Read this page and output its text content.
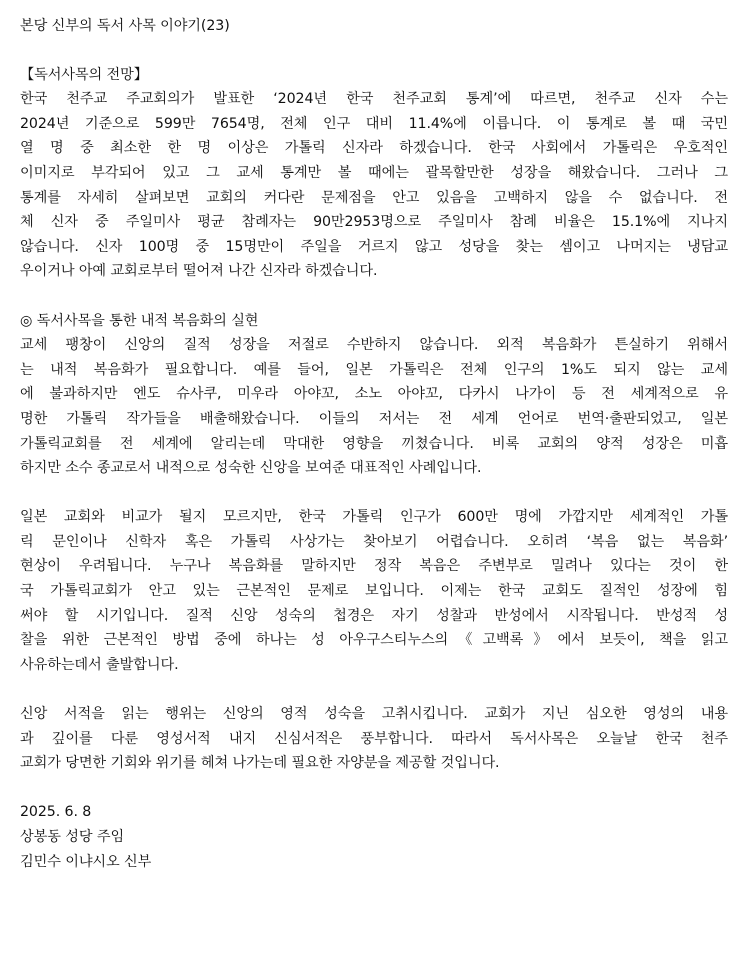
본당 신부의 독서 사목 이야기(23)
【독서사목의 전망】
한국 천주교 주교회의가 발표한 ‘2024년 한국 천주교회 통계’에 따르면, 천주교 신자 수는
2024년 기준으로 599만 7654명, 전체 인구 대비 11.4%에 이릅니다. 이 통계로 볼 때 국민
열 명 중 최소한 한 명 이상은 가톨릭 신자라 하겠습니다. 한국 사회에서 가톨릭은 우호적인
이미지로 부각되어 있고 그 교세 통계만 볼 때에는 괄목할만한 성장을 해왔습니다. 그러나 그
통계를 자세히 살펴보면 교회의 커다란 문제점을 안고 있음을 고백하지 않을 수 없습니다. 전
체 신자 중 주일미사 평균 참례자는 90만2953명으로 주일미사 참례 비율은 15.1%에 지나지
않습니다. 신자 100명 중 15명만이 주일을 거르지 않고 성당을 찾는 셈이고 나머지는 냉담교
우이거나 아예 교회로부터 떨어져 나간 신자라 하겠습니다.
◎ 독서사목을 통한 내적 복음화의 실현
교세 팽창이 신앙의 질적 성장을 저절로 수반하지 않습니다. 외적 복음화가 튼실하기 위해서
는 내적 복음화가 필요합니다. 예를 들어, 일본 가톨릭은 전체 인구의 1%도 되지 않는 교세
에 불과하지만 엔도 슈사쿠, 미우라 아야꼬, 소노 아야꼬, 다카시 나가이 등 전 세계적으로 유
명한 가톨릭 작가들을 배출해왔습니다. 이들의 저서는 전 세계 언어로 번역·출판되었고, 일본
가톨릭교회를 전 세계에 알리는데 막대한 영향을 끼쳤습니다. 비록 교회의 양적 성장은 미흡
하지만 소수 종교로서 내적으로 성숙한 신앙을 보여준 대표적인 사례입니다.
일본 교회와 비교가 될지 모르지만, 한국 가톨릭 인구가 600만 명에 가깝지만 세계적인 가톨
릭 문인이나 신학자 혹은 가톨릭 사상가는 찾아보기 어렵습니다. 오히려 ‘복음 없는 복음화’
현상이 우려됩니다. 누구나 복음화를 말하지만 정작 복음은 주변부로 밀려나 있다는 것이 한
국 가톨릭교회가 안고 있는 근본적인 문제로 보입니다. 이제는 한국 교회도 질적인 성장에 힘
써야 할 시기입니다. 질적 신앙 성숙의 첩경은 자기 성찰과 반성에서 시작됩니다. 반성적 성
찰을 위한 근본적인 방법 중에 하나는 성 아우구스티누스의《고백록》에서 보듯이, 책을 읽고
사유하는데서 출발합니다.
신앙 서적을 읽는 행위는 신앙의 영적 성숙을 고취시킵니다. 교회가 지닌 심오한 영성의 내용
과 깊이를 다룬 영성서적 내지 신심서적은 풍부합니다. 따라서 독서사목은 오늘날 한국 천주
교회가 당면한 기회와 위기를 헤쳐 나가는데 필요한 자양분을 제공할 것입니다.
2025. 6. 8
상봉동 성당 주임
김민수 이냐시오 신부
